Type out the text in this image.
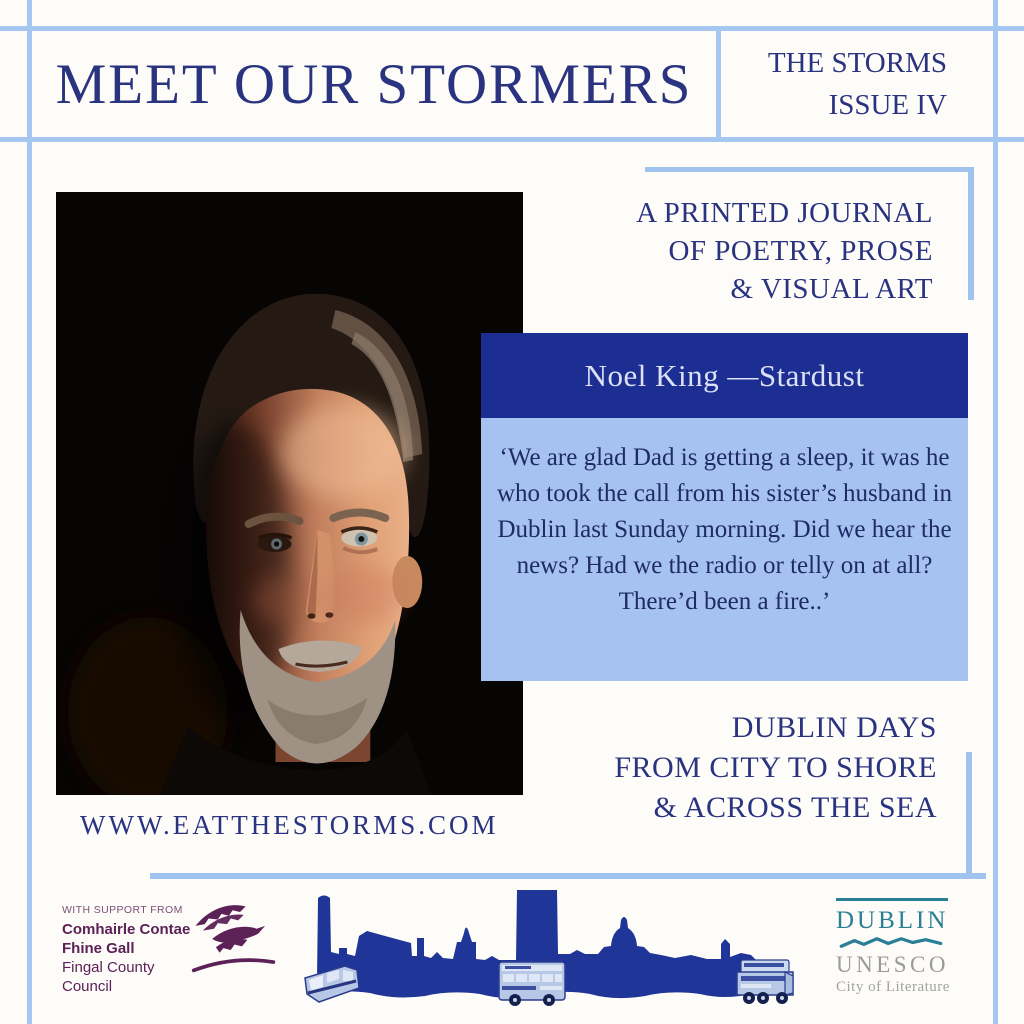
MEET OUR STORMERS	THE STORMS
ISSUE IV
A PRINTED JOURNAL
OF POETRY, PROSE
& VISUAL ART
Noel King —Stardust
‘We are glad Dad is getting a sleep, it was he who took the call from his sister’s husband in Dublin last Sunday morning. Did we hear the news? Had we the radio or telly on at all? There’d been a fire..’
DUBLIN DAYS
FROM CITY TO SHORE
& ACROSS THE SEA
WWW.EATTHESTORMS.COM
WITH SUPPORT FROM
Comhairle Contae
Fhine Gall
Fingal County
Council
DUBLIN
UNESCO
City of Literature
